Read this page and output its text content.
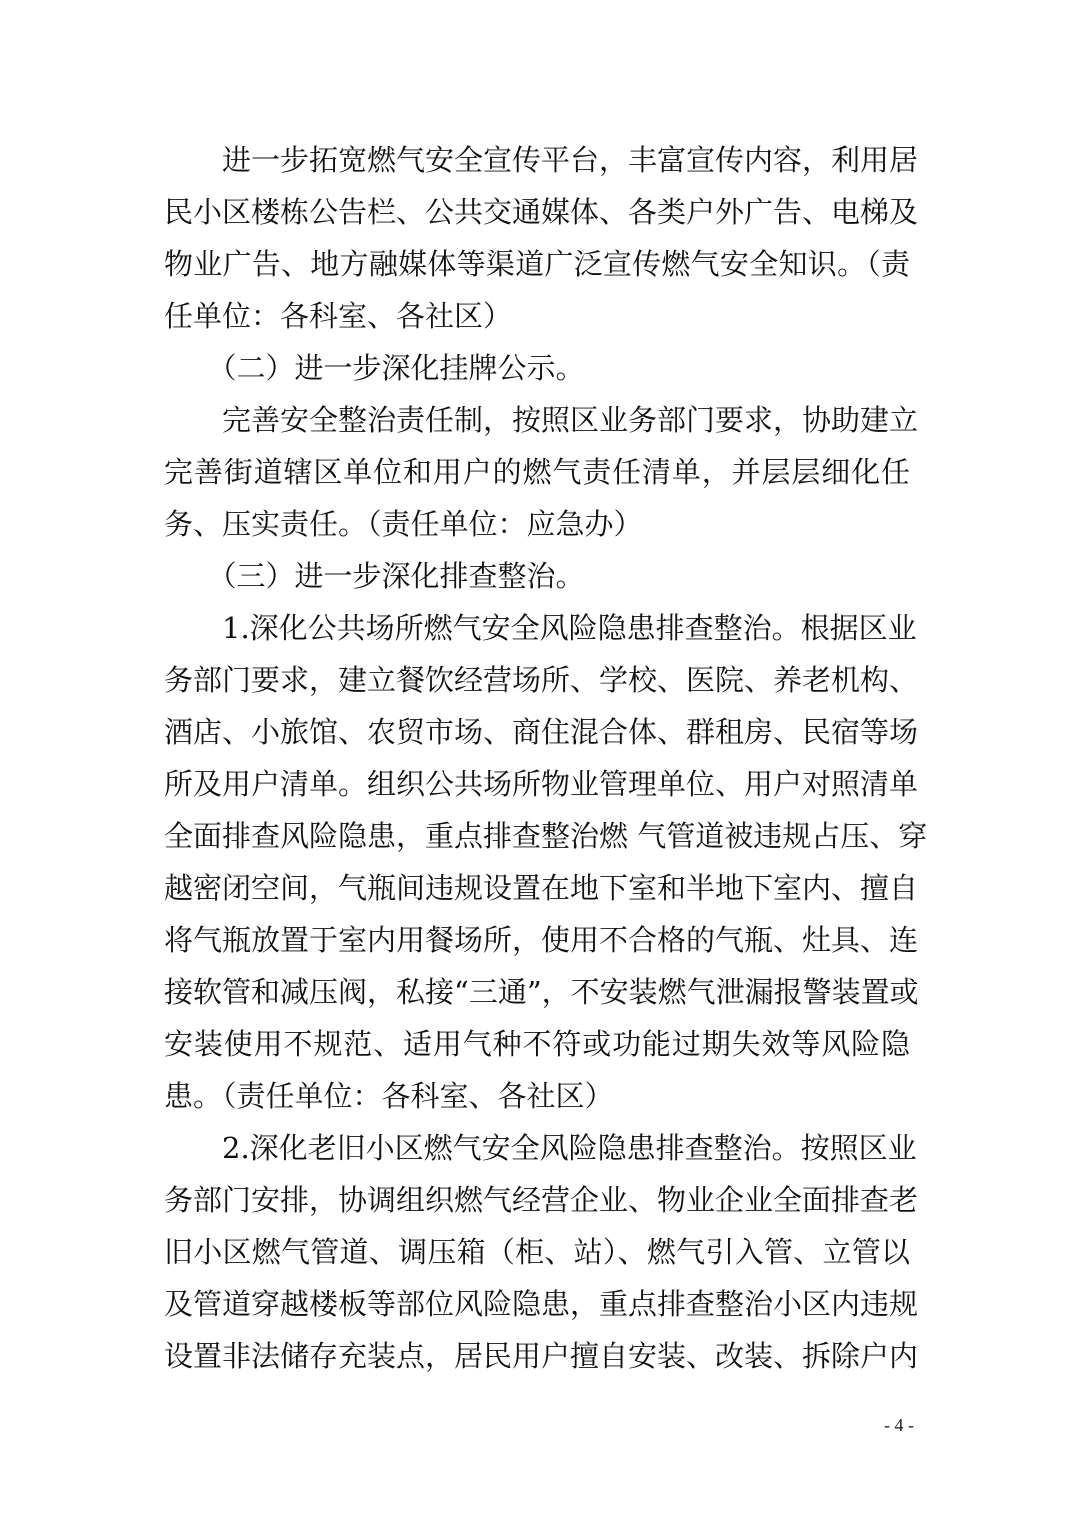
　　进一步拓宽燃气安全宣传平台，丰富宣传内容，利用居
民小区楼栋公告栏、公共交通媒体、各类户外广告、电梯及
物业广告、地方融媒体等渠道广泛宣传燃气安全知识。（责
任单位：各科室、各社区）
　　（二）进一步深化挂牌公示。
　　完善安全整治责任制，按照区业务部门要求，协助建立
完善街道辖区单位和用户的燃气责任清单，并层层细化任
务、压实责任。（责任单位：应急办）
　　（三）进一步深化排查整治。
　　1.深化公共场所燃气安全风险隐患排查整治。根据区业
务部门要求，建立餐饮经营场所、学校、医院、养老机构、
酒店、小旅馆、农贸市场、商住混合体、群租房、民宿等场
所及用户清单。组织公共场所物业管理单位、用户对照清单
全面排查风险隐患，重点排查整治燃 气管道被违规占压、穿
越密闭空间，气瓶间违规设置在地下室和半地下室内、擅自
将气瓶放置于室内用餐场所，使用不合格的气瓶、灶具、连
接软管和减压阀，私接“三通”，不安装燃气泄漏报警装置或
安装使用不规范、适用气种不符或功能过期失效等风险隐
患。（责任单位：各科室、各社区）
　　2.深化老旧小区燃气安全风险隐患排查整治。按照区业
务部门安排，协调组织燃气经营企业、物业企业全面排查老
旧小区燃气管道、调压箱（柜、站）、燃气引入管、立管以
及管道穿越楼板等部位风险隐患，重点排查整治小区内违规
设置非法储存充装点，居民用户擅自安装、改装、拆除户内
- 4 -
